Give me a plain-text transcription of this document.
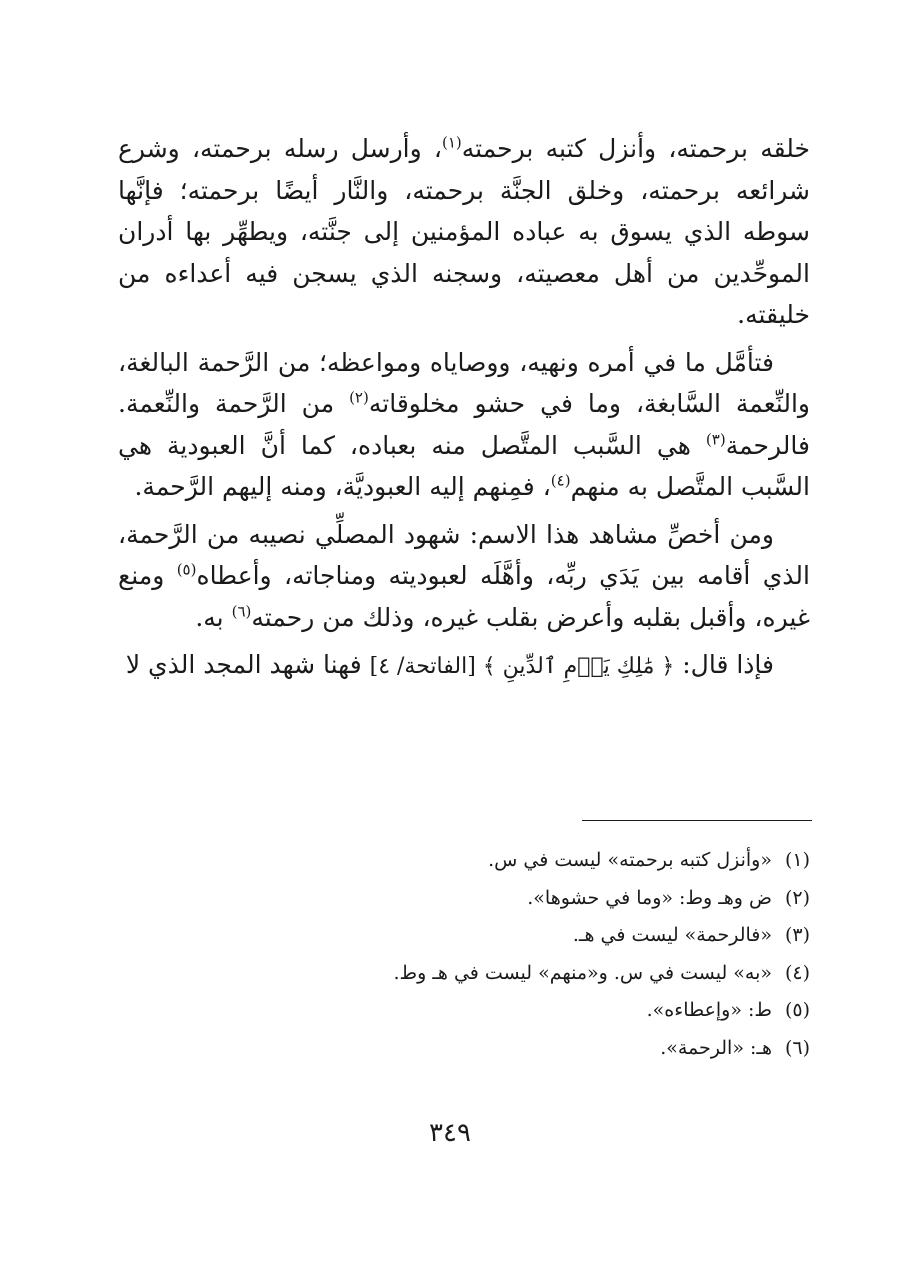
خلقه برحمته، وأنزل كتبه برحمته$^{(١)}$، وأرسل رسله برحمته، وشرع شرائعه برحمته، وخلق الجنَّة برحمته، والنَّار أيضًا برحمته؛ فإنَّها سوطه الذي يسوق به عباده المؤمنين إلى جنَّته، ويطهِّر بها أدران الموحِّدين من أهل معصيته، وسجنه الذي يسجن فيه أعداءه من خليقته.

فتأمَّل ما في أمره ونهيه، ووصاياه ومواعظه؛ من الرَّحمة البالغة، والنِّعمة السَّابغة، وما في حشو مخلوقاته$^{(٢)}$ من الرَّحمة والنِّعمة. فالرحمة$^{(٣)}$ هي السَّبب المتَّصل منه بعباده، كما أنَّ العبودية هي السَّبب المتَّصل به منهم$^{(٤)}$، فمِنهم إليه العبوديَّة، ومنه إليهم الرَّحمة.

ومن أخصِّ مشاهد هذا الاسم: شهود المصلِّي نصيبه من الرَّحمة، الذي أقامه بين يَدَي ربِّه، وأهَّلَه لعبوديته ومناجاته، وأعطاه$^{(٥)}$ ومنع غيره، وأقبل بقلبه وأعرض بقلب غيره، وذلك من رحمته$^{(٦)}$ به.

فإذا قال: ﴿ مَٰلِكِ يَوۡمِ ٱلدِّينِ ﴾ [الفاتحة/ ٤] فهنا شهد المجد الذي لا

(١)«وأنزل كتبه برحمته» ليست في س.
(٢)ض وهـ وط: «وما في حشوها».
(٣)«فالرحمة» ليست في هـ.
(٤)«به» ليست في س. و«منهم» ليست في هـ وط.
(٥)ط: «وإعطاءه».
(٦)هـ: «الرحمة».
٣٤٩
